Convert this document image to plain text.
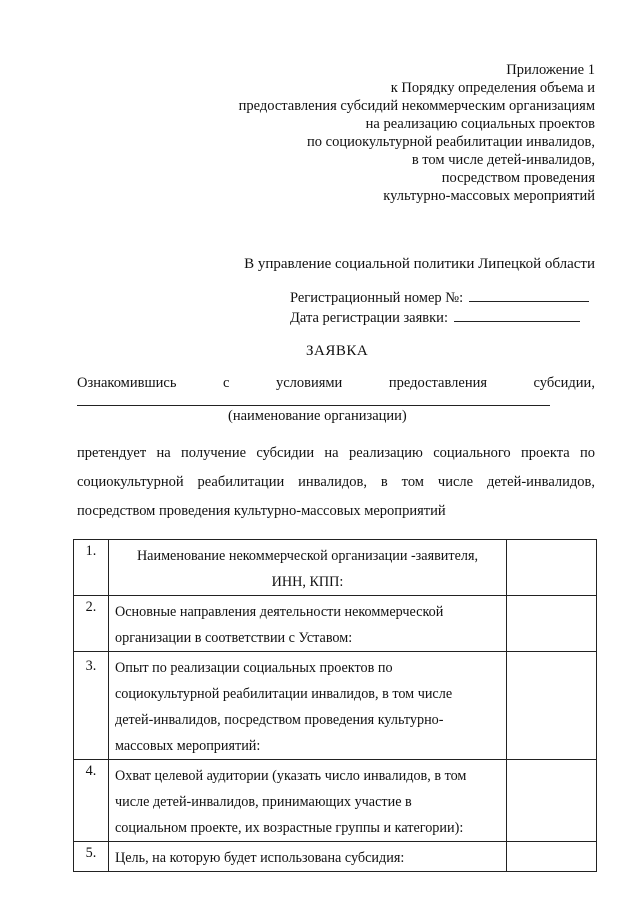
Приложение 1
к Порядку определения объема и
предоставления субсидий некоммерческим организациям
на реализацию социальных проектов
по социокультурной реабилитации инвалидов,
в том числе детей-инвалидов,
посредством проведения
культурно-массовых мероприятий
В управление социальной политики Липецкой области
Регистрационный номер №:
Дата регистрации заявки:
ЗАЯВКА
Ознакомившись	с	условиями	предоставления	субсидии,
(наименование организации)
претендует на получение субсидии на реализацию социального проекта по
социокультурной реабилитации инвалидов, в том числе детей-инвалидов,
посредством проведения культурно-массовых мероприятий
1.	Наименование некоммерческой организации -заявителя,
ИНН, КПП:	

2.	Основные направления деятельности некоммерческой
организации в соответствии с Уставом:	

3.	Опыт по реализации социальных проектов по
социокультурной реабилитации инвалидов, в том числе
детей-инвалидов, посредством проведения культурно-
массовых мероприятий:	

4.	Охват целевой аудитории (указать число инвалидов, в том
числе детей-инвалидов, принимающих участие в
социальном проекте, их возрастные группы и категории):	

5.	Цель, на которую будет использована субсидия:	
